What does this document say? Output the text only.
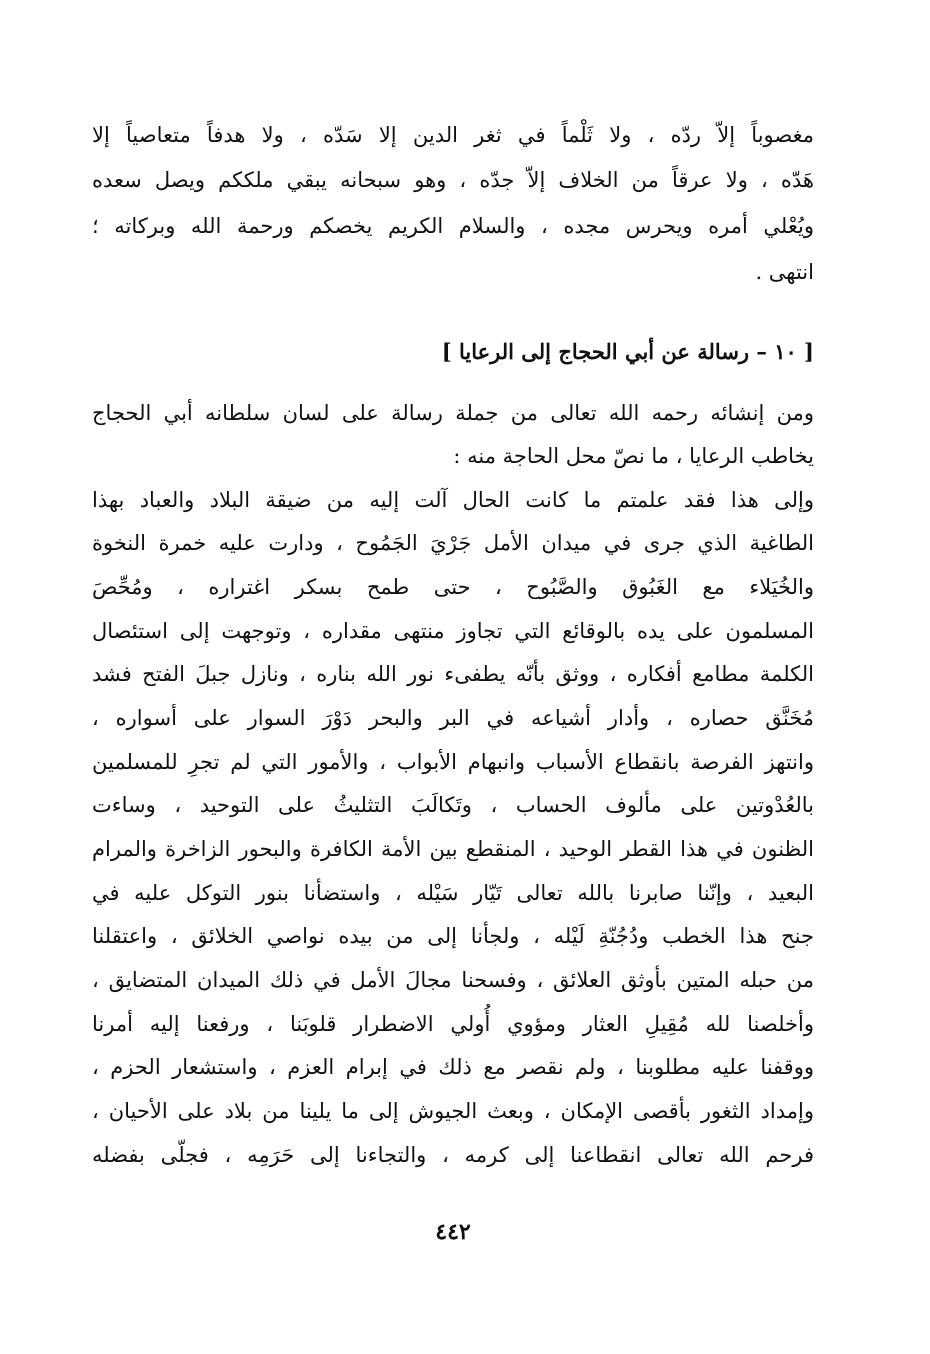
مغصوباً إلاّ ردّه ، ولا ثَلْماً في ثغر الدين إلا سَدّه ، ولا هدفاً متعاصياً إلا
هَدّه ، ولا عرقاً من الخلاف إلاّ جدّه ، وهو سبحانه يبقي ملككم ويصل سعده
ويُعْلي أمره ويحرس مجده ، والسلام الكريم يخصكم ورحمة الله وبركاته ؛
انتهى .
[ ١٠ – رسالة عن أبي الحجاج إلى الرعايا ]
ومن إنشائه رحمه الله تعالى من جملة رسالة على لسان سلطانه أبي الحجاج
يخاطب الرعايا ، ما نصّ محل الحاجة منه :
وإلى هذا فقد علمتم ما كانت الحال آلت إليه من ضيقة البلاد والعباد بهذا
الطاغية الذي جرى في ميدان الأمل جَرْيَ الجَمُوح ، ودارت عليه خمرة النخوة
والخُيَلاء مع الغَبُوق والصَّبُوح ، حتى طمح بسكر اغتراره ، ومُحِّصَ
المسلمون على يده بالوقائع التي تجاوز منتهى مقداره ، وتوجهت إلى استئصال
الكلمة مطامع أفكاره ، ووثق بأنّه يطفىء نور الله بناره ، ونازل جبلَ الفتح فشد
مُخَنَّق حصاره ، وأدار أشياعه في البر والبحر دَوْرَ السوار على أسواره ،
وانتهز الفرصة بانقطاع الأسباب وانبهام الأبواب ، والأمور التي لم تجرِ للمسلمين
بالعُدْوتين على مألوف الحساب ، وتَكالَبَ التثليثُ على التوحيد ، وساءت
الظنون في هذا القطر الوحيد ، المنقطع بين الأمة الكافرة والبحور الزاخرة والمرام
البعيد ، وإنّنا صابرنا بالله تعالى تَيّار سَيْله ، واستضأنا بنور التوكل عليه في
جنح هذا الخطب ودُجُنّةِ لَيْله ، ولجأنا إلى من بيده نواصي الخلائق ، واعتقلنا
من حبله المتين بأوثق العلائق ، وفسحنا مجالَ الأمل في ذلك الميدان المتضايق ،
وأخلصنا لله مُقِيلِ العثار ومؤوي أُولي الاضطرار قلوبَنا ، ورفعنا إليه أمرنا
ووقفنا عليه مطلوبنا ، ولم نقصر مع ذلك في إبرام العزم ، واستشعار الحزم ،
وإمداد الثغور بأقصى الإمكان ، وبعث الجيوش إلى ما يلينا من بلاد على الأحيان ،
فرحم الله تعالى انقطاعنا إلى كرمه ، والتجاءنا إلى حَرَمِه ، فجلّى بفضله
٤٤٢
